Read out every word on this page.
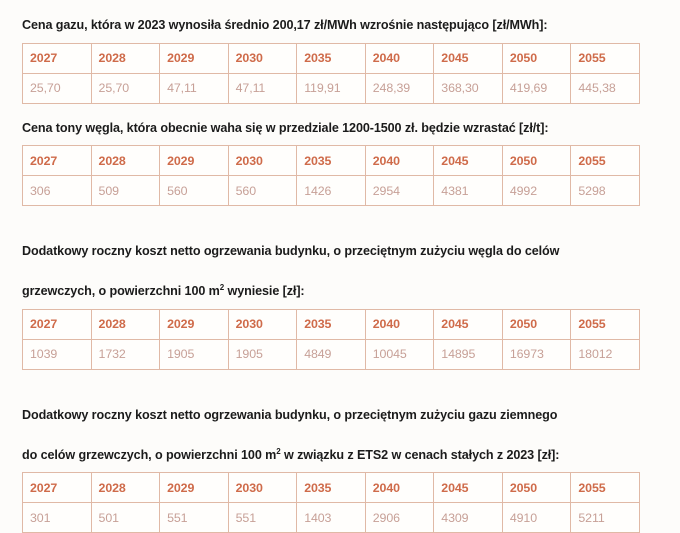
Cena gazu, która w 2023 wynosiła średnio 200,17 zł/MWh wzrośnie następująco [zł/MWh]:

2027	2028	2029	2030	2035	2040	2045	2050	2055
25,70	25,70	47,11	47,11	119,91	248,39	368,30	419,69	445,38

Cena tony węgla, która obecnie waha się w przedziale 1200-1500 zł. będzie wzrastać [zł/t]:

2027	2028	2029	2030	2035	2040	2045	2050	2055
306	509	560	560	1426	2954	4381	4992	5298

Dodatkowy roczny koszt netto ogrzewania budynku, o przeciętnym zużyciu węgla do celów

grzewczych, o powierzchni 100 $m^2$ wyniesie [zł]:

2027	2028	2029	2030	2035	2040	2045	2050	2055
1039	1732	1905	1905	4849	10045	14895	16973	18012

Dodatkowy roczny koszt netto ogrzewania budynku, o przeciętnym zużyciu gazu ziemnego

do celów grzewczych, o powierzchni 100 $m^2$ w związku z ETS2 w cenach stałych z 2023 [zł]:

2027	2028	2029	2030	2035	2040	2045	2050	2055
301	501	551	551	1403	2906	4309	4910	5211
